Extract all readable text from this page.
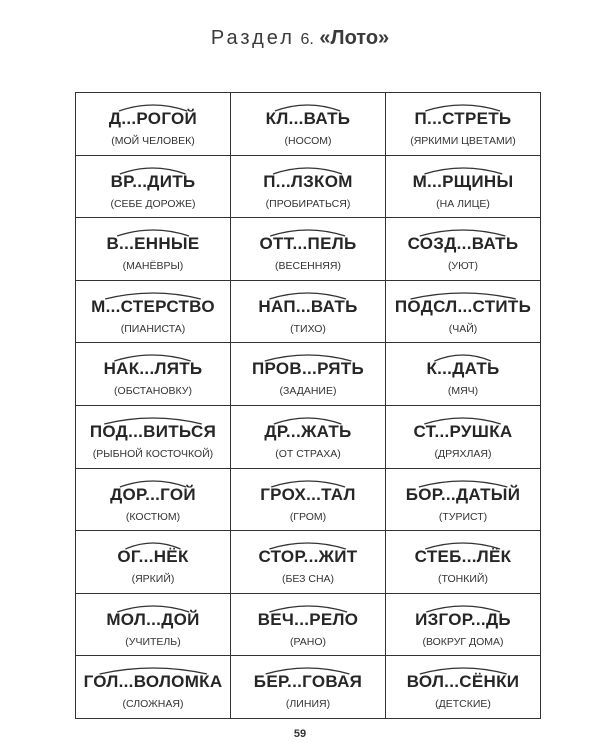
Раздел 6. «Лото»
Д...РОГОЙ
(МОЙ ЧЕЛОВЕК)
КЛ...ВАТЬ
(НОСОМ)
П...СТРЕТЬ
(ЯРКИМИ ЦВЕТАМИ)
ВР...ДИТЬ
(СЕБЕ ДОРОЖЕ)
П...ЛЗКОМ
(ПРОБИРАТЬСЯ)
М...РЩИНЫ
(НА ЛИЦЕ)
В...ЕННЫЕ
(МАНЁВРЫ)
ОТТ...ПЕЛЬ
(ВЕСЕННЯЯ)
СОЗД...ВАТЬ
(УЮТ)
М...СТЕРСТВО
(ПИАНИСТА)
НАП...ВАТЬ
(ТИХО)
ПОДСЛ...СТИТЬ
(ЧАЙ)
НАК...ЛЯТЬ
(ОБСТАНОВКУ)
ПРОВ...РЯТЬ
(ЗАДАНИЕ)
К...ДАТЬ
(МЯЧ)
ПОД...ВИТЬСЯ
(РЫБНОЙ КОСТОЧКОЙ)
ДР...ЖАТЬ
(ОТ СТРАХА)
СТ...РУШКА
(ДРЯХЛАЯ)
ДОР...ГОЙ
(КОСТЮМ)
ГРОХ...ТАЛ
(ГРОМ)
БОР...ДАТЫЙ
(ТУРИСТ)
ОГ...НЁК
(ЯРКИЙ)
СТОР...ЖИТ
(БЕЗ СНА)
СТЕБ...ЛЁК
(ТОНКИЙ)
МОЛ...ДОЙ
(УЧИТЕЛЬ)
ВЕЧ...РЕЛО
(РАНО)
ИЗГОР...ДЬ
(ВОКРУГ ДОМА)
ГОЛ...ВОЛОМКА
(СЛОЖНАЯ)
БЕР...ГОВАЯ
(ЛИНИЯ)
ВОЛ...СЁНКИ
(ДЕТСКИЕ)
59
